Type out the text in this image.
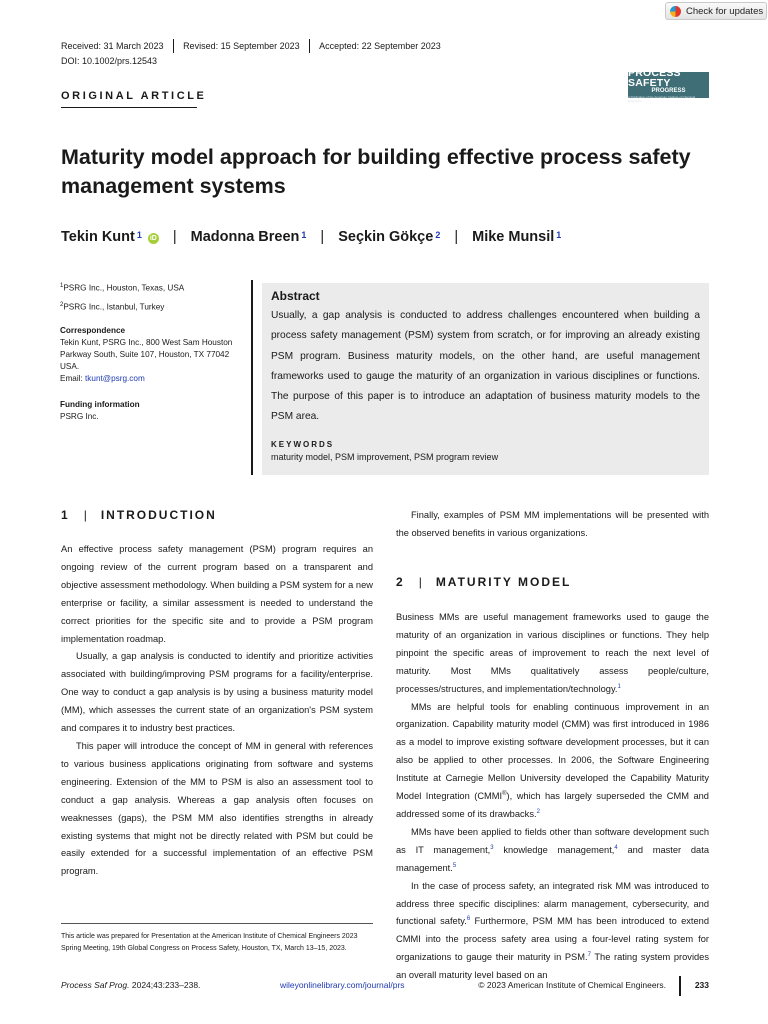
Check for updates
Received: 31 March 2023 Revised: 15 September 2023 Accepted: 22 September 2023
DOI: 10.1002/prs.12543
PROCESS SAFETY
PROGRESS
A Publication of the American Institute of Chemical Engineers
ORIGINAL ARTICLE
Maturity model approach for building effective process safety management systems
Tekin Kunt$^1$ iD | Madonna Breen$^1$ | Seçkin Gökçe$^2$ | Mike Munsil$^1$
$^1$PSRG Inc., Houston, Texas, USA
$^2$PSRG Inc., Istanbul, Turkey
Correspondence
Tekin Kunt, PSRG Inc., 800 West Sam Houston Parkway South, Suite 107, Houston, TX 77042 USA.
Email: tkunt@psrg.com
Funding information
PSRG Inc.
Abstract
Usually, a gap analysis is conducted to address challenges encountered when building a process safety management (PSM) system from scratch, or for improving an already existing PSM program. Business maturity models, on the other hand, are useful management frameworks used to gauge the maturity of an organization in various disciplines or functions. The purpose of this paper is to introduce an adaptation of business maturity models to the PSM area.
KEYWORDS
maturity model, PSM improvement, PSM program review
1 | INTRODUCTION

An effective process safety management (PSM) program requires an ongoing review of the current program based on a transparent and objective assessment methodology. When building a PSM system for a new enterprise or facility, a similar assessment is needed to understand the correct priorities for the specific site and to provide a PSM program implementation roadmap.

Usually, a gap analysis is conducted to identify and prioritize activities associated with building/improving PSM programs for a facility/enterprise. One way to conduct a gap analysis is by using a business maturity model (MM), which assesses the current state of an organization's PSM system and compares it to industry best practices.

This paper will introduce the concept of MM in general with references to various business applications originating from software and systems engineering. Extension of the MM to PSM is also an assessment tool to conduct a gap analysis. Whereas a gap analysis often focuses on weaknesses (gaps), the PSM MM also identifies strengths in already existing systems that might not be directly related with PSM but could be easily extended for a successful implementation of an effective PSM program.

This article was prepared for Presentation at the American Institute of Chemical Engineers 2023 Spring Meeting, 19th Global Congress on Process Safety, Houston, TX, March 13–15, 2023.

Finally, examples of PSM MM implementations will be presented with the observed benefits in various organizations.

2 | MATURITY MODEL

Business MMs are useful management frameworks used to gauge the maturity of an organization in various disciplines or functions. They help pinpoint the specific areas of improvement to reach the next level of maturity. Most MMs qualitatively assess people/culture, processes/structures, and implementation/technology.$^1$

MMs are helpful tools for enabling continuous improvement in an organization. Capability maturity model (CMM) was first introduced in 1986 as a model to improve existing software development processes, but it can also be applied to other processes. In 2006, the Software Engineering Institute at Carnegie Mellon University developed the Capability Maturity Model Integration (CMMI®), which has largely superseded the CMM and addressed some of its drawbacks.$^2$

MMs have been applied to fields other than software development such as IT management,$^3$ knowledge management,$^4$ and master data management.$^5$

In the case of process safety, an integrated risk MM was introduced to address three specific disciplines: alarm management, cybersecurity, and functional safety.$^6$ Furthermore, PSM MM has been introduced to extend CMMI into the process safety area using a four-level rating system for organizations to gauge their maturity in PSM.$^7$ The rating system provides an overall maturity level based on an

Process Saf Prog. 2024;43:233–238.	wileyonlinelibrary.com/journal/prs	© 2023 American Institute of Chemical Engineers.	233
